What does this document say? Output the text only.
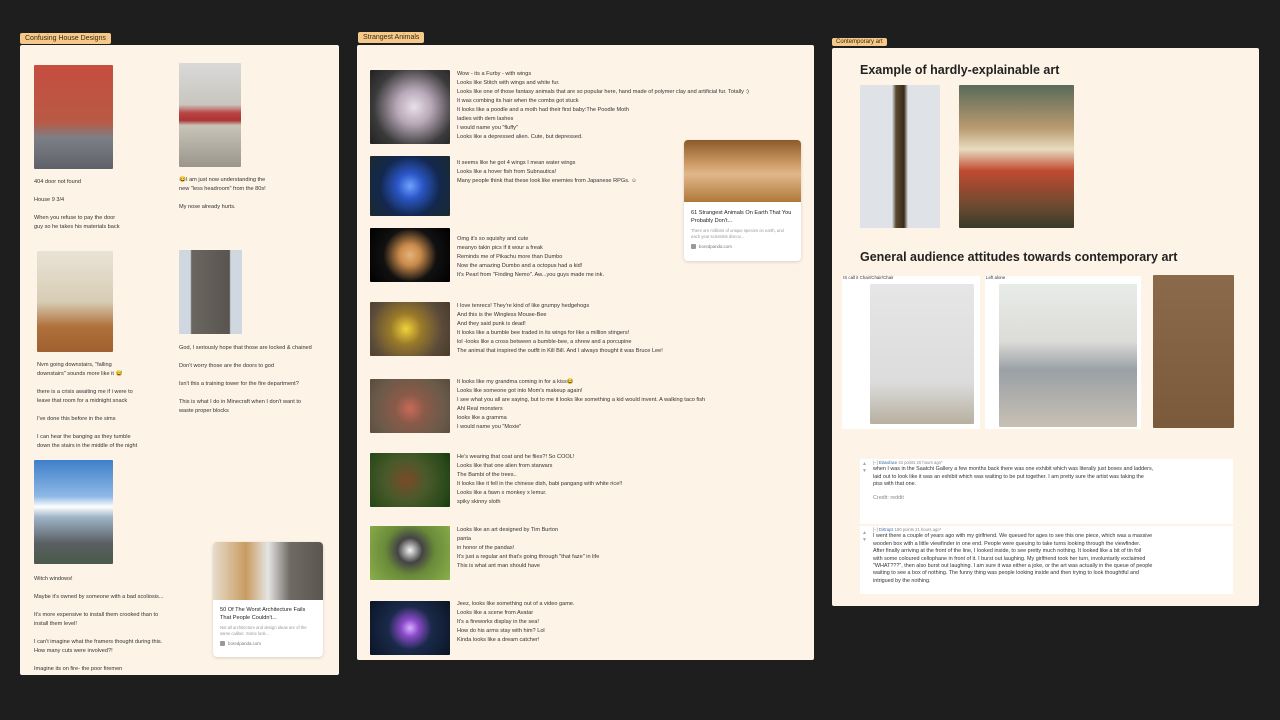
Confusing House Designs	Strangest Animals
Contemporary art
404 door not found

House 9 3/4

When you refuse to pay the door
guy so he takes his materials back
😂I am just now understanding the
new "less headroom" from the 80s!

My nose already hurts.
Nvm going downstairs, "falling
downstairs" sounds more like it 😅

there is a crisis awaiting me if i were to
leave that room for a midnight snack

I've done this before in the sims

I can hear the banging as they tumble
down the stairs in the middle of the night
God, I seriously hope that those are locked & chained

Don't worry those are the doors to god

Isn't this a training tower for the fire department?

This is what I do in Minecraft when I don't want to
waste proper blocks
Witch windows!

Maybe it's owned by someone with a bad scoliosis...

It's more expensive to install them crooked than to
install them level!

I can't imagine what the framers thought during this.
How many cuts were involved?!

Imagine its on fire- the poor firemen
50 Of The Worst Architecture Fails That People Couldn't...
Not all architecture and design ideas are of the same caliber. Some look...
boredpanda.com
Wow - its a Furby - with wings
Looks like Stitch with wings and white fur.
Looks like one of those fantasy animals that are so popular here, hand made of polymer clay and artificial fur. Totally :)
It was combing its hair when the combs got stuck
It looks like a poodle and a moth had their first baby:The Poodle Moth
ladies with dem lashes
I would name you "fluffy"
Looks like a depressed alien. Cute, but depressed.
It seems like he got 4 wings I mean water wings
Looks like a hover fish from Subnautica!
Many people think that these look like enemies from Japanese RPGs. ☺
Omg it's so squishy and cute
meanyo takin pics if it wour a freak
Reminds me of Pikachu more than Dumbo
Now the amazing Dumbo and a octopus had a kid!
It's Pearl from "Finding Nemo". Aw...you guys made me ink.
I love tenrecs! They're kind of like grumpy hedgehogs
And this is the Wingless Mouse-Bee
And they said punk is dead!
It looks like a bumble bee traded in its wings for like a million stingers!
lol -looks like a cross between a bumble-bee, a shrew and a porcupine
The animal that inspired the outfit in Kill Bill. And I always thought it was Bruce Lee!
It looks like my grandma coming in for a kiss😂
Looks like someone got into Mom's makeup again!
I see what you all are saying, but to me it looks like something a kid would invent. A walking taco fish
Ahl Real monsters
looks like a gramma
I would name you "Moxie"
He's wearing that coat and he flies?! So COOL!
Looks like that one alien from starwars
The Bambi of the trees..
It looks like it fell in the chinese dish, babi pangang with white rice!!
Looks like a fawn x monkey x lemur.
spiky skinny sloth
Looks like an art designed by Tim Burton
panta
in honor of the pandas!
It's just a regular ant that's going through "that faze" in life
This is what ant man should have
Jeez, looks like something out of a video game.
Looks like a scene from Avatar
It's a fireworks display in the sea!
How do his arms stay with him? Lol
Kinda looks like a dream catcher!
61 Strangest Animals On Earth That You Probably Don't...
There are millions of unique species on earth, and each year scientists discov...
boredpanda.com
Example of hardly-explainable art
General audience attitudes towards contemporary art
IS call it Chair/Chair/Chair	Left alone
▲
▼
[–] Elasoface 42 points 20 hours ago*
when I was in the Saatchi Gallery a few months back there was one exhibit which was literally just boxes and ladders,
laid out to look like it was an exhibit which was waiting to be put together. I am pretty sure the artist was taking the
piss with that one.
Credit: reddit
▲
▼
[–] Dirtrapz 180 points 21 hours ago*
I went there a couple of years ago with my girlfriend. We queued for ages to see this one piece, which was a massive
wooden box with a little viewfinder in one end. People were queuing to take turns looking through the viewfinder.
After finally arriving at the front of the line, I looked inside, to see pretty much nothing. It looked like a bit of tin foil
with some coloured cellophane in front of it. I burst out laughing. My girlfriend took her turn, involuntarily exclaimed
"WHAT???", then also burst out laughing. I am sure it was either a joke, or the art was actually in the queue of people
waiting to see a box of nothing. The funny thing was people looking inside and then trying to look thoughtful and
intrigued by the nothing.
